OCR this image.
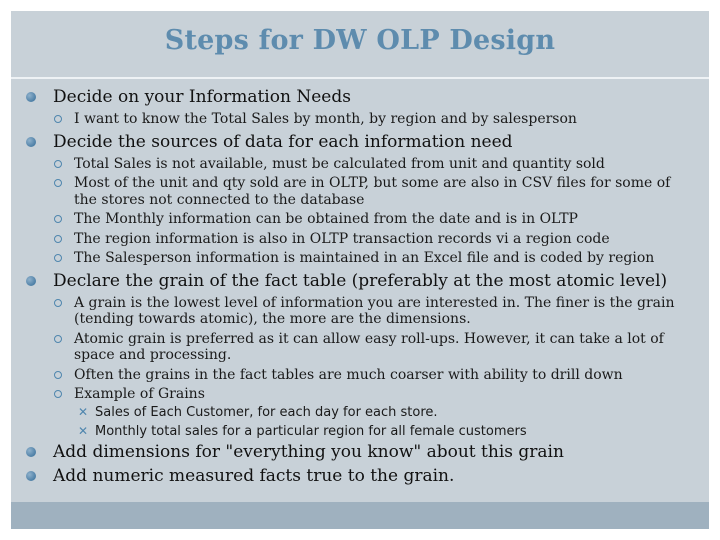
Steps for DW OLP Design
Decide on your Information Needs
I want to know the Total Sales by month, by region and by salesperson
Decide the sources of data for each information need
Total Sales is not available, must be calculated from unit and quantity sold
Most of the unit and qty sold are in OLTP, but some are also in CSV files for some of the stores not connected to the database
The Monthly information can be obtained from the date and is in OLTP
The region information is also in OLTP transaction records vi a region code
The Salesperson information is maintained in an Excel file and is coded by region
Declare the grain of the fact table (preferably at the most atomic level)
A grain is the lowest level of information you are interested in. The finer is the grain (tending towards atomic), the more are the dimensions.
Atomic grain is preferred as it can allow easy roll-ups. However, it can take a lot of space and processing.
Often the grains in the fact tables are much coarser with ability to drill down
Example of Grains
✕ Sales of Each Customer, for each day for each store.
✕ Monthly total sales for a particular region for all female customers
Add dimensions for "everything you know" about this grain
Add numeric measured facts true to the grain.
